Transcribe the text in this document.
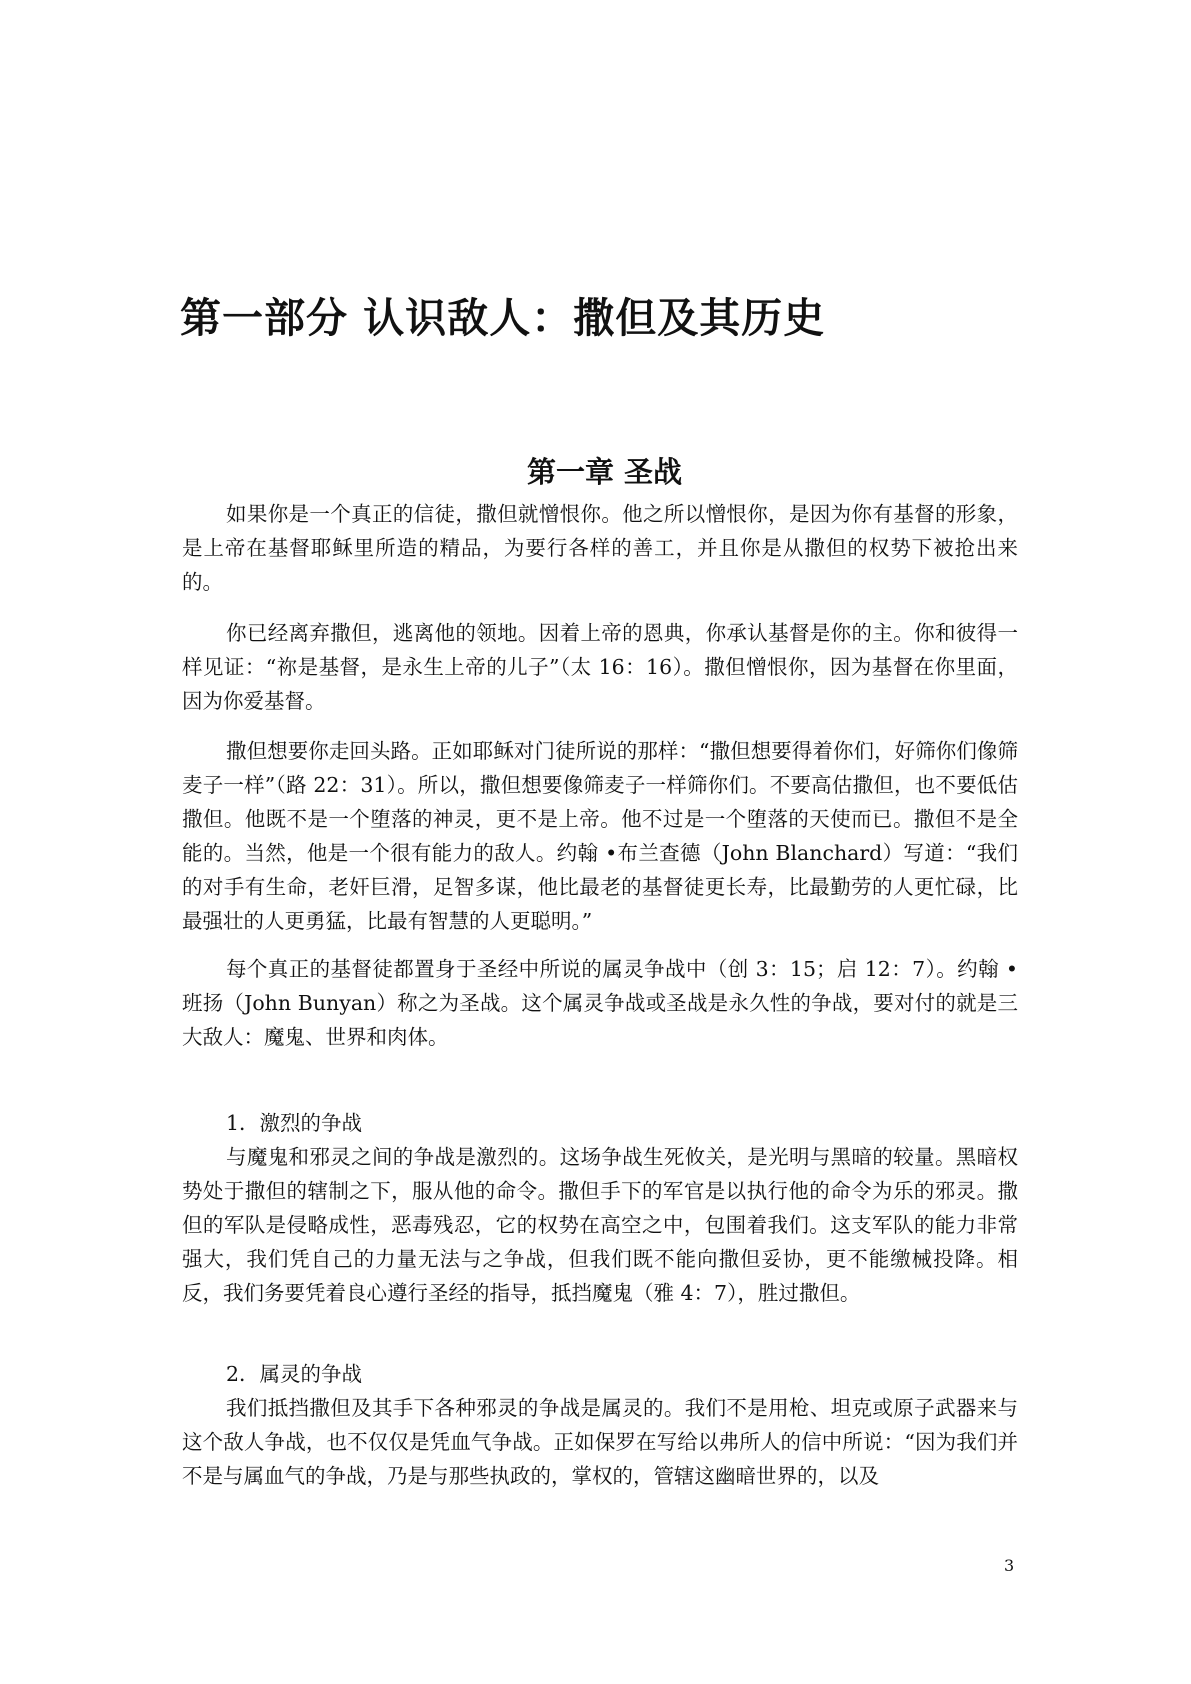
第一部分 认识敌人：撒但及其历史
第一章 圣战

如果你是一个真正的信徒，撒但就憎恨你。他之所以憎恨你，是因为你有基督的形象，是上帝在基督耶稣里所造的精品，为要行各样的善工，并且你是从撒但的权势下被抢出来的。

你已经离弃撒但，逃离他的领地。因着上帝的恩典，你承认基督是你的主。你和彼得一样见证：“祢是基督，是永生上帝的儿子”（太 16：16）。撒但憎恨你，因为基督在你里面，因为你爱基督。

撒但想要你走回头路。正如耶稣对门徒所说的那样：“撒但想要得着你们，好筛你们像筛麦子一样”（路 22：31）。所以，撒但想要像筛麦子一样筛你们。不要高估撒但，也不要低估撒但。他既不是一个堕落的神灵，更不是上帝。他不过是一个堕落的天使而已。撒但不是全能的。当然，他是一个很有能力的敌人。约翰 •布兰查德（John Blanchard）写道：“我们的对手有生命，老奸巨滑，足智多谋，他比最老的基督徒更长寿，比最勤劳的人更忙碌，比最强壮的人更勇猛，比最有智慧的人更聪明。”

每个真正的基督徒都置身于圣经中所说的属灵争战中（创 3：15；启 12：7）。约翰 •班扬（John Bunyan）称之为圣战。这个属灵争战或圣战是永久性的争战，要对付的就是三大敌人：魔鬼、世界和肉体。

1．激烈的争战

与魔鬼和邪灵之间的争战是激烈的。这场争战生死攸关，是光明与黑暗的较量。黑暗权势处于撒但的辖制之下，服从他的命令。撒但手下的军官是以执行他的命令为乐的邪灵。撒但的军队是侵略成性，恶毒残忍，它的权势在高空之中，包围着我们。这支军队的能力非常强大，我们凭自己的力量无法与之争战，但我们既不能向撒但妥协，更不能缴械投降。相反，我们务要凭着良心遵行圣经的指导，抵挡魔鬼（雅 4：7），胜过撒但。

2．属灵的争战

我们抵挡撒但及其手下各种邪灵的争战是属灵的。我们不是用枪、坦克或原子武器来与这个敌人争战，也不仅仅是凭血气争战。正如保罗在写给以弗所人的信中所说：“因为我们并不是与属血气的争战，乃是与那些执政的，掌权的，管辖这幽暗世界的，以及

3
